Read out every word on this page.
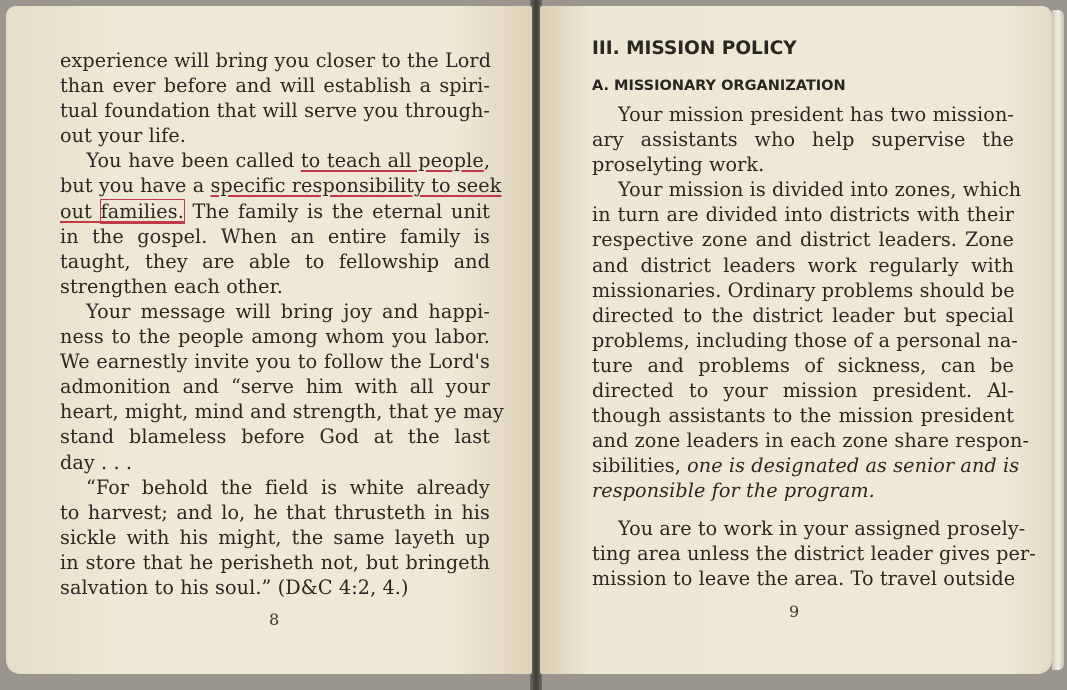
experience will bring you closer to the Lord
than ever before and will establish a spiri-
tual foundation that will serve you through-
out your life.
You have been called to teach all people,
but you have a specific responsibility to seek
out families. The family is the eternal unit
in the gospel. When an entire family is
taught, they are able to fellowship and
strengthen each other.
Your message will bring joy and happi-
ness to the people among whom you labor.
We earnestly invite you to follow the Lord's
admonition and “serve him with all your
heart, might, mind and strength, that ye may
stand blameless before God at the last
day . . .
“For behold the field is white already
to harvest; and lo, he that thrusteth in his
sickle with his might, the same layeth up
in store that he perisheth not, but bringeth
salvation to his soul.” (D&C 4:2, 4.)
8
III. MISSION POLICY
A. MISSIONARY ORGANIZATION
Your mission president has two mission-
ary assistants who help supervise the
proselyting work.
Your mission is divided into zones, which
in turn are divided into districts with their
respective zone and district leaders. Zone
and district leaders work regularly with
missionaries. Ordinary problems should be
directed to the district leader but special
problems, including those of a personal na-
ture and problems of sickness, can be
directed to your mission president. Al-
though assistants to the mission president
and zone leaders in each zone share respon-
sibilities, one is designated as senior and is
responsible for the program.
You are to work in your assigned prosely-
ting area unless the district leader gives per-
mission to leave the area. To travel outside
9
